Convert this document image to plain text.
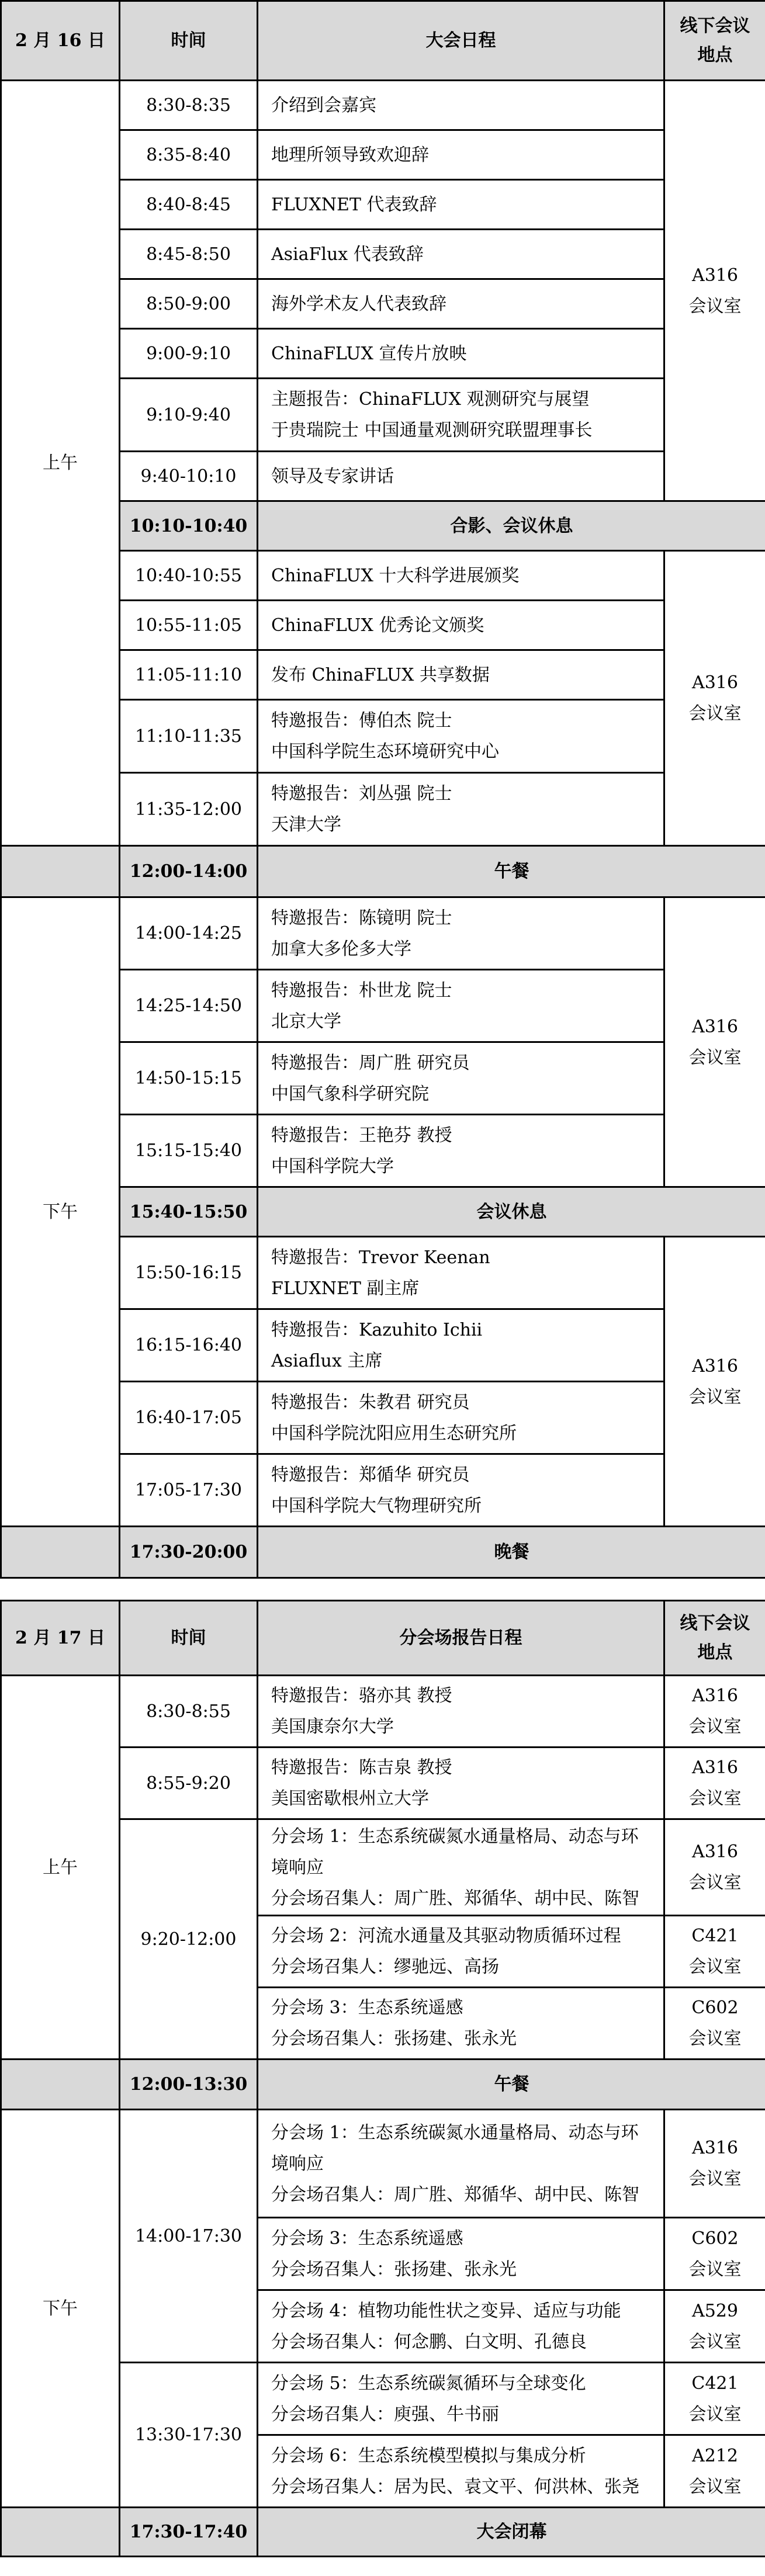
2 月 16 日	时间	大会日程	线下会议
地点

上午	8:30-8:35	介绍到会嘉宾	A316
会议室

	8:35-8:40	地理所领导致欢迎辞	
	8:40-8:45	FLUXNET 代表致辞	
	8:45-8:50	AsiaFlux 代表致辞	
	8:50-9:00	海外学术友人代表致辞	
	9:00-9:10	ChinaFLUX 宣传片放映	
	9:10-9:40	主题报告：ChinaFLUX 观测研究与展望
于贵瑞院士 中国通量观测研究联盟理事长	

	9:40-10:10	领导及专家讲话	
	10:10-10:40	合影、会议休息	
	10:40-10:55	ChinaFLUX 十大科学进展颁奖	A316
会议室

	10:55-11:05	ChinaFLUX 优秀论文颁奖	
	11:05-11:10	发布 ChinaFLUX 共享数据	
	11:10-11:35	特邀报告：傅伯杰 院士
中国科学院生态环境研究中心	

	11:35-12:00	特邀报告：刘丛强 院士
天津大学	

	12:00-14:00	午餐	
下午	14:00-14:25	特邀报告：陈镜明 院士
加拿大多伦多大学	A316
会议室

	14:25-14:50	特邀报告：朴世龙 院士
北京大学	

	14:50-15:15	特邀报告：周广胜 研究员
中国气象科学研究院	

	15:15-15:40	特邀报告：王艳芬 教授
中国科学院大学	

	15:40-15:50	会议休息	
	15:50-16:15	特邀报告：Trevor Keenan
FLUXNET 副主席	A316
会议室

	16:15-16:40	特邀报告：Kazuhito Ichii
Asiaflux 主席	

	16:40-17:05	特邀报告：朱教君 研究员
中国科学院沈阳应用生态研究所	

	17:05-17:30	特邀报告：郑循华 研究员
中国科学院大气物理研究所	

	17:30-20:00	晚餐	
2 月 17 日	时间	分会场报告日程	线下会议
地点

上午	8:30-8:55	特邀报告：骆亦其 教授
美国康奈尔大学	A316
会议室

	8:55-9:20	特邀报告：陈吉泉 教授
美国密歇根州立大学	A316
会议室

	9:20-12:00	分会场 1：生态系统碳氮水通量格局、动态与环
境响应
分会场召集人：周广胜、郑循华、胡中民、陈智	A316
会议室

		分会场 2：河流水通量及其驱动物质循环过程
分会场召集人：缪驰远、高扬	C421
会议室

		分会场 3：生态系统遥感
分会场召集人：张扬建、张永光	C602
会议室

	12:00-13:30	午餐	
下午	14:00-17:30	分会场 1：生态系统碳氮水通量格局、动态与环
境响应
分会场召集人：周广胜、郑循华、胡中民、陈智	A316
会议室

		分会场 3：生态系统遥感
分会场召集人：张扬建、张永光	C602
会议室

		分会场 4：植物功能性状之变异、适应与功能
分会场召集人：何念鹏、白文明、孔德良	A529
会议室

	13:30-17:30	分会场 5：生态系统碳氮循环与全球变化
分会场召集人：庾强、牛书丽	C421
会议室

		分会场 6：生态系统模型模拟与集成分析
分会场召集人：居为民、袁文平、何洪林、张尧	A212
会议室

	17:30-17:40	大会闭幕	
